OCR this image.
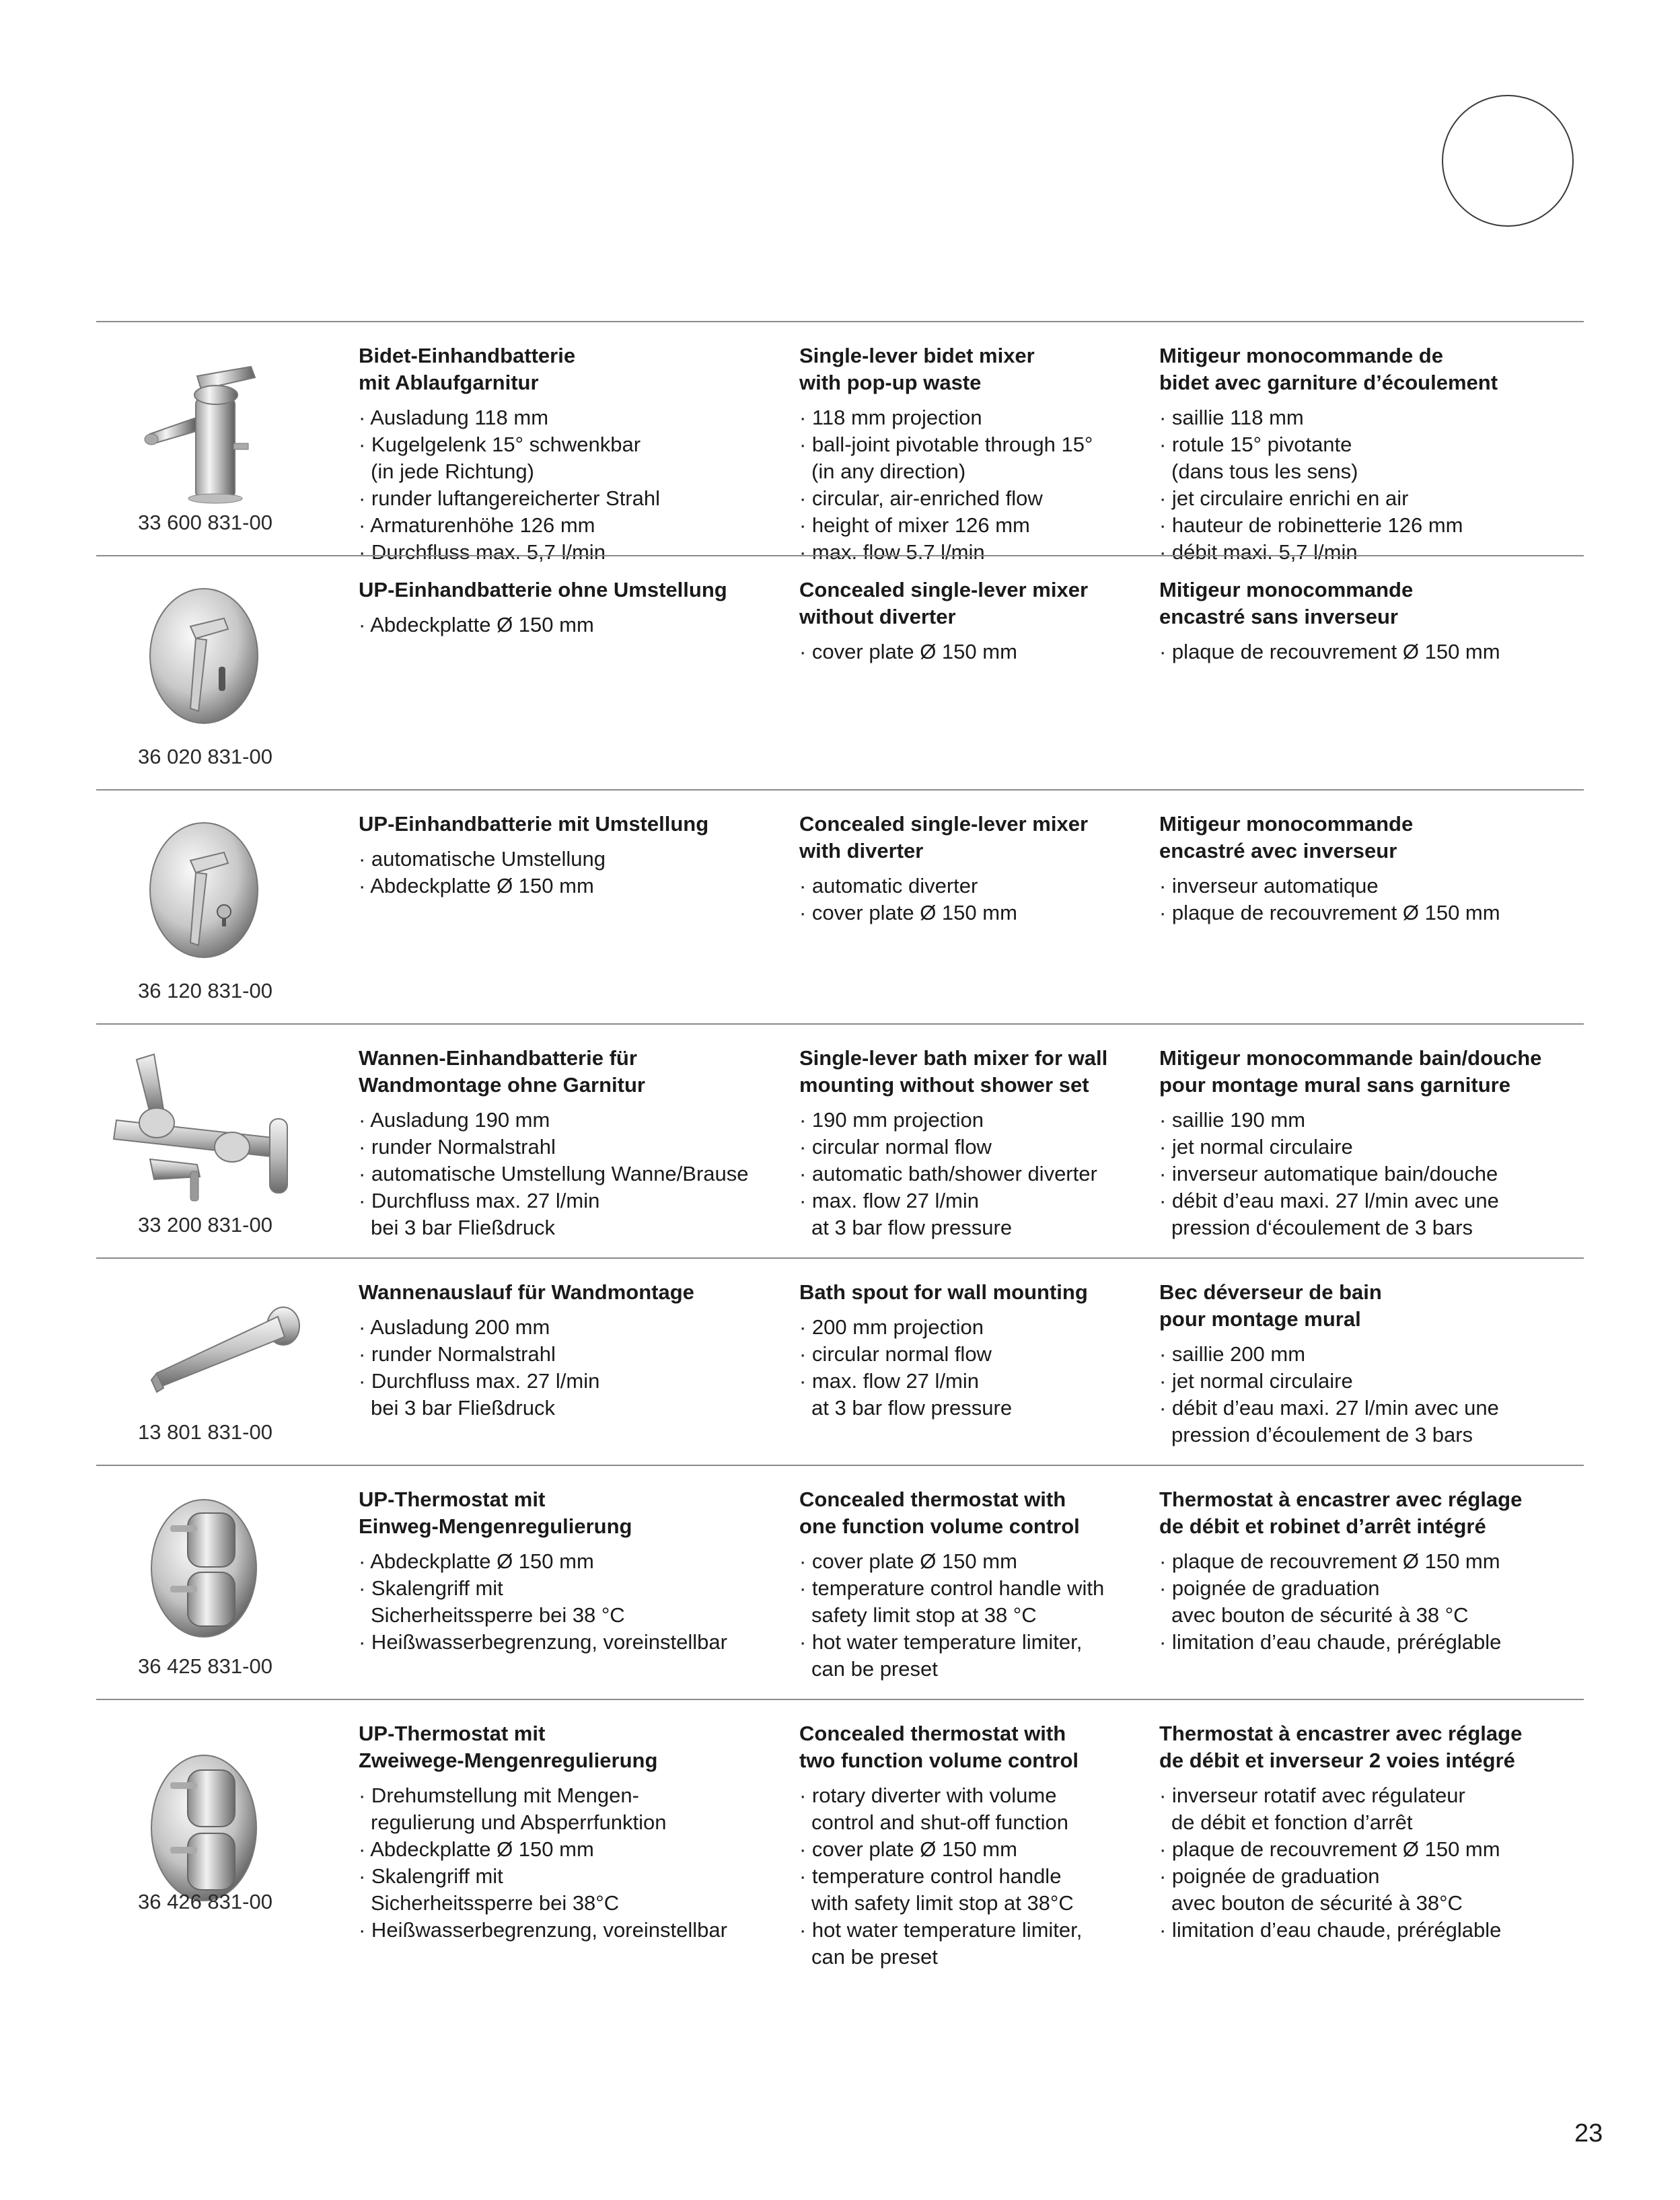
33 600 831-00
Bidet-Einhandbatterie
mit Ablaufgarnitur
· Ausladung 118 mm
· Kugelgelenk 15° schwenkbar
(in jede Richtung)
· runder luftangereicherter Strahl
· Armaturenhöhe 126 mm
· Durchfluss max. 5,7 l/min
Single-lever bidet mixer
with pop-up waste
· 118 mm projection
· ball-joint pivotable through 15°
(in any direction)
· circular, air-enriched flow
· height of mixer 126 mm
· max. flow 5.7 l/min
Mitigeur monocommande de
bidet avec garniture d’écoulement
· saillie 118 mm
· rotule 15° pivotante
(dans tous les sens)
· jet circulaire enrichi en air
· hauteur de robinetterie 126 mm
· débit maxi. 5,7 l/min
36 020 831-00
UP-Einhandbatterie ohne Umstellung
· Abdeckplatte Ø 150 mm
Concealed single-lever mixer
without diverter
· cover plate Ø 150 mm
Mitigeur monocommande
encastré sans inverseur
· plaque de recouvrement Ø 150 mm
36 120 831-00
UP-Einhandbatterie mit Umstellung
· automatische Umstellung
· Abdeckplatte Ø 150 mm
Concealed single-lever mixer
with diverter
· automatic diverter
· cover plate Ø 150 mm
Mitigeur monocommande
encastré avec inverseur
· inverseur automatique
· plaque de recouvrement Ø 150 mm
33 200 831-00
Wannen-Einhandbatterie für
Wandmontage ohne Garnitur
· Ausladung 190 mm
· runder Normalstrahl
· automatische Umstellung Wanne/Brause
· Durchfluss max. 27 l/min
bei 3 bar Fließdruck
Single-lever bath mixer for wall
mounting without shower set
· 190 mm projection
· circular normal flow
· automatic bath/shower diverter
· max. flow 27 l/min
at 3 bar flow pressure
Mitigeur monocommande bain/douche
pour montage mural sans garniture
· saillie 190 mm
· jet normal circulaire
· inverseur automatique bain/douche
· débit d’eau maxi. 27 l/min avec une
pression d‘écoulement de 3 bars
13 801 831-00
Wannenauslauf für Wandmontage
· Ausladung 200 mm
· runder Normalstrahl
· Durchfluss max. 27 l/min
bei 3 bar Fließdruck
Bath spout for wall mounting
· 200 mm projection
· circular normal flow
· max. flow 27 l/min
at 3 bar flow pressure
Bec déverseur de bain
pour montage mural
· saillie 200 mm
· jet normal circulaire
· débit d’eau maxi. 27 l/min avec une
pression d’écoulement de 3 bars
36 425 831-00
UP-Thermostat mit
Einweg-Mengenregulierung
· Abdeckplatte Ø 150 mm
· Skalengriff mit
Sicherheitssperre bei 38 °C
· Heißwasserbegrenzung, voreinstellbar
Concealed thermostat with
one function volume control
· cover plate Ø 150 mm
· temperature control handle with
safety limit stop at 38 °C
· hot water temperature limiter,
can be preset
Thermostat à encastrer avec réglage
de débit et robinet d’arrêt intégré
· plaque de recouvrement Ø 150 mm
· poignée de graduation
avec bouton de sécurité à 38 °C
· limitation d’eau chaude, préréglable
36 426 831-00
UP-Thermostat mit
Zweiwege-Mengenregulierung
· Drehumstellung mit Mengen-
regulierung und Absperrfunktion
· Abdeckplatte Ø 150 mm
· Skalengriff mit
Sicherheitssperre bei 38°C
· Heißwasserbegrenzung, voreinstellbar
Concealed thermostat with
two function volume control
· rotary diverter with volume
control and shut-off function
· cover plate Ø 150 mm
· temperature control handle
with safety limit stop at 38°C
· hot water temperature limiter,
can be preset
Thermostat à encastrer avec réglage
de débit et inverseur 2 voies intégré
· inverseur rotatif avec régulateur
de débit et fonction d’arrêt
· plaque de recouvrement Ø 150 mm
· poignée de graduation
avec bouton de sécurité à 38°C
· limitation d’eau chaude, préréglable
23
